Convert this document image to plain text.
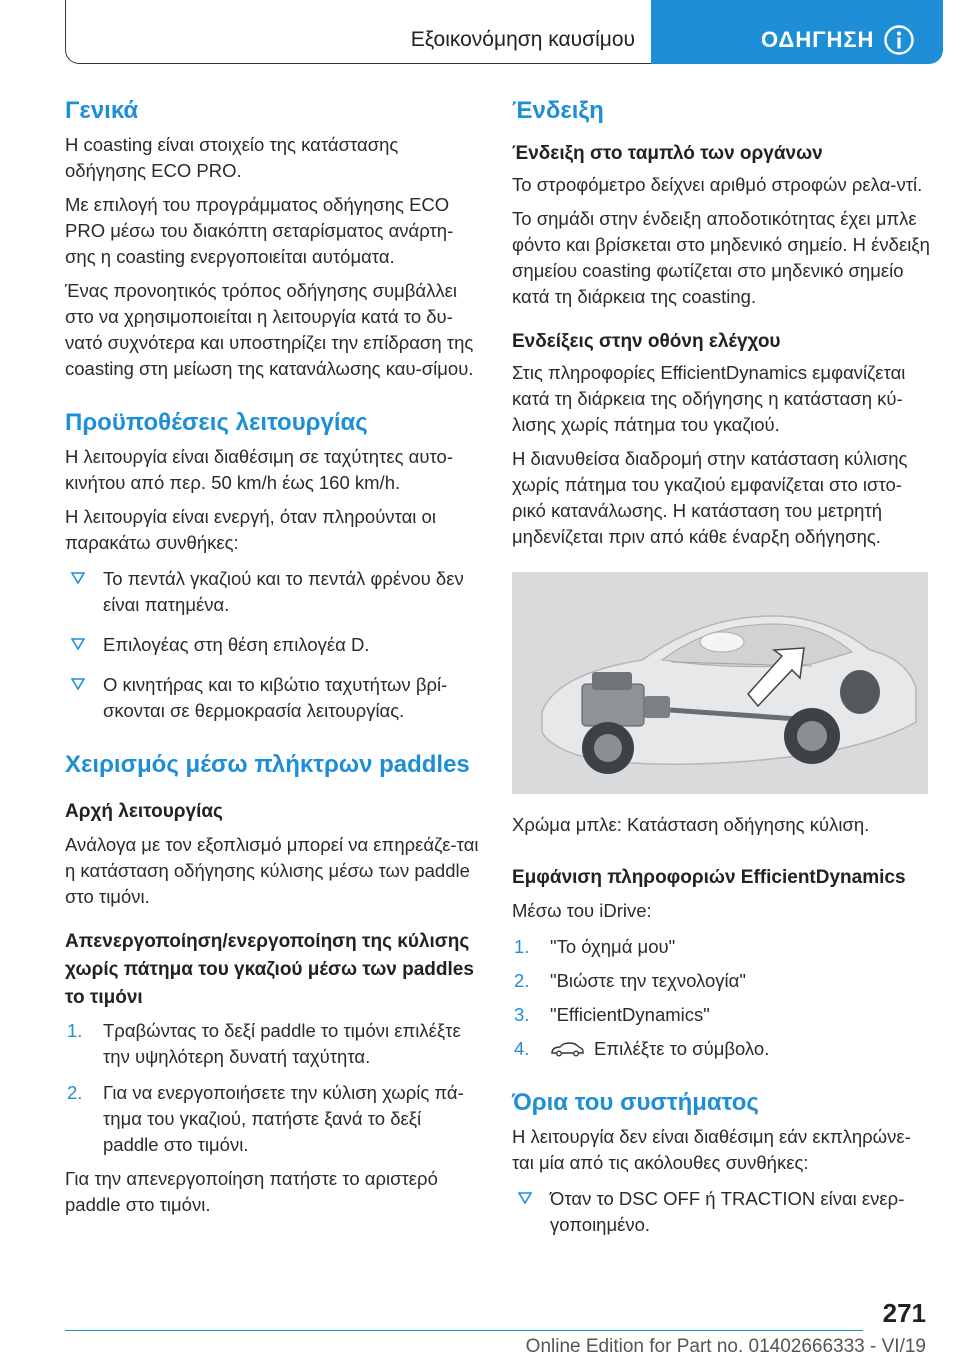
Εξοικονόμηση καυσίμου	ΟΔΗΓΗΣΗ
Γενικά

Η coasting είναι στοιχείο της κατάστασης οδήγησης ECO PRO.

Με επιλογή του προγράμματος οδήγησης ECO PRO μέσω του διακόπτη σεταρίσματος ανάρτη-σης η coasting ενεργοποιείται αυτόματα.

Ένας προνοητικός τρόπος οδήγησης συμβάλλει στο να χρησιμοποιείται η λειτουργία κατά το δυ-νατό συχνότερα και υποστηρίζει την επίδραση της coasting στη μείωση της κατανάλωσης καυ-σίμου.

Προϋποθέσεις λειτουργίας

Η λειτουργία είναι διαθέσιμη σε ταχύτητες αυτο-κινήτου από περ. 50 km/h έως 160 km/h.

Η λειτουργία είναι ενεργή, όταν πληρούνται οι παρακάτω συνθήκες:

Το πεντάλ γκαζιού και το πεντάλ φρένου δεν είναι πατημένα.
Επιλογέας στη θέση επιλογέα D.
Ο κινητήρας και το κιβώτιο ταχυτήτων βρί-σκονται σε θερμοκρασία λειτουργίας.
Χειρισμός μέσω πλήκτρων paddles
Αρχή λειτουργίας

Ανάλογα με τον εξοπλισμό μπορεί να επηρεάζε-ται η κατάσταση οδήγησης κύλισης μέσω των paddle στο τιμόνι.

Απενεργοποίηση/ενεργοποίηση της κύλισης χωρίς πάτημα του γκαζιού μέσω των paddles το τιμόνι
1. Τραβώντας το δεξί paddle το τιμόνι επιλέξτε την υψηλότερη δυνατή ταχύτητα.
2. Για να ενεργοποιήσετε την κύλιση χωρίς πά-τημα του γκαζιού, πατήστε ξανά το δεξί paddle στο τιμόνι.

Για την απενεργοποίηση πατήστε το αριστερό paddle στο τιμόνι.

Ένδειξη
Ένδειξη στο ταμπλό των οργάνων

Το στροφόμετρο δείχνει αριθμό στροφών ρελα-ντί.

Το σημάδι στην ένδειξη αποδοτικότητας έχει μπλε φόντο και βρίσκεται στο μηδενικό σημείο. Η ένδειξη σημείου coasting φωτίζεται στο μηδενικό σημείο κατά τη διάρκεια της coasting.

Ενδείξεις στην οθόνη ελέγχου

Στις πληροφορίες EfficientDynamics εμφανίζεται κατά τη διάρκεια της οδήγησης η κατάσταση κύ-λισης χωρίς πάτημα του γκαζιού.

Η διανυθείσα διαδρομή στην κατάσταση κύλισης χωρίς πάτημα του γκαζιού εμφανίζεται στο ιστο-ρικό κατανάλωσης. Η κατάσταση του μετρητή μηδενίζεται πριν από κάθε έναρξη οδήγησης.

Χρώμα μπλε: Κατάσταση οδήγησης κύλιση.

Εμφάνιση πληροφοριών EfficientDynamics

Μέσω του iDrive:

1. "Το όχημά μου"
2. "Βιώστε την τεχνολογία"
3. "EfficientDynamics"
4.	Επιλέξτε το σύμβολο.
Όρια του συστήματος

Η λειτουργία δεν είναι διαθέσιμη εάν εκπληρώνε-ται μία από τις ακόλουθες συνθήκες:

Όταν το DSC OFF ή TRACTION είναι ενερ-γοποιημένο.
271
Online Edition for Part no. 01402666333 - VI/19
